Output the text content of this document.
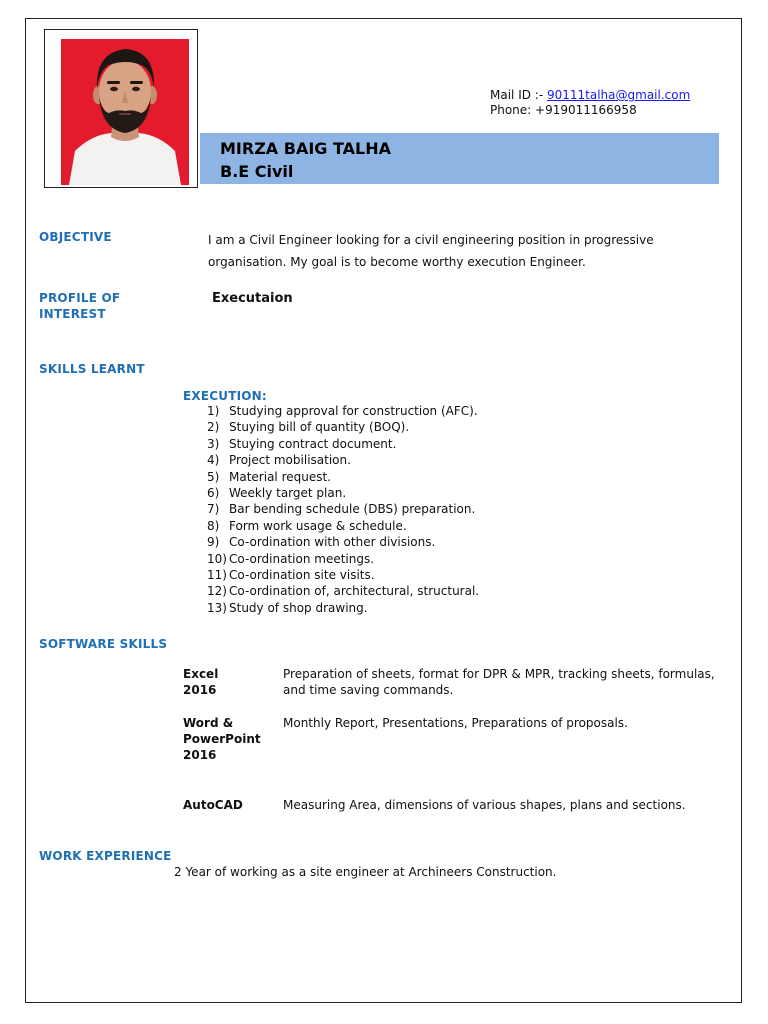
Mail ID :- 90111talha@gmail.com
Phone: +919011166958
MIRZA BAIG TALHA
B.E Civil
OBJECTIVE	I am a Civil Engineer looking for a civil engineering position in progressive
organisation. My goal is to become worthy execution Engineer.
PROFILE OF
INTEREST
Executaion
SKILLS LEARNT
EXECUTION:
1) Studying approval for construction (AFC).
2) Stuying bill of quantity (BOQ).
3) Stuying contract document.
4) Project mobilisation.
5) Material request.
6) Weekly target plan.
7) Bar bending schedule (DBS) preparation.
8) Form work usage & schedule.
9) Co-ordination with other divisions.
10) Co-ordination meetings.
11) Co-ordination site visits.
12) Co-ordination of, architectural, structural.
13) Study of shop drawing.
SOFTWARE SKILLS
Excel
2016
Preparation of sheets, format for DPR & MPR, tracking sheets, formulas,
and time saving commands.
Word &
PowerPoint
2016
Monthly Report, Presentations, Preparations of proposals.
AutoCAD	Measuring Area, dimensions of various shapes, plans and sections.
WORK EXPERIENCE
2 Year of working as a site engineer at Archineers Construction.
